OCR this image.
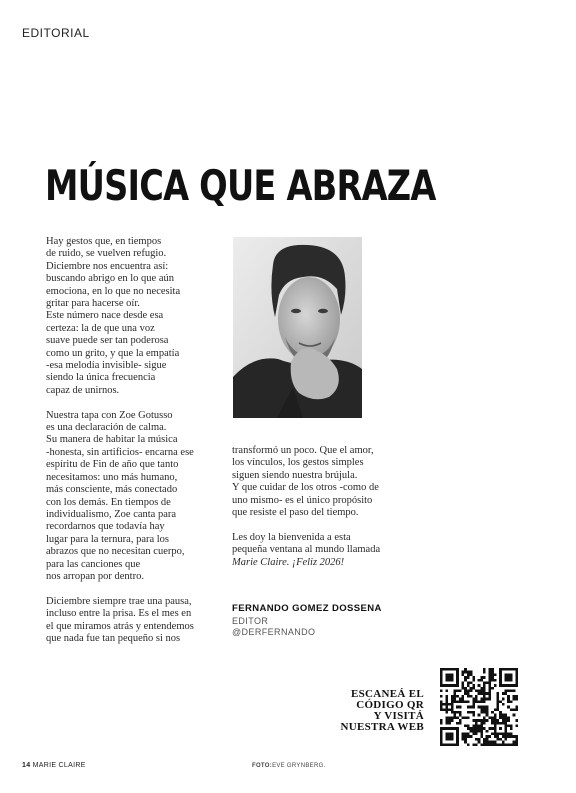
EDITORIAL
MÚSICA QUE ABRAZA

Hay gestos que, en tiempos
de ruido, se vuelven refugio.
Diciembre nos encuentra así:
buscando abrigo en lo que aún
emociona, en lo que no necesita
gritar para hacerse oír.
Este número nace desde esa
certeza: la de que una voz
suave puede ser tan poderosa
como un grito, y que la empatía
-esa melodía invisible- sigue
siendo la única frecuencia
capaz de unirnos.

Nuestra tapa con Zoe Gotusso
es una declaración de calma.
Su manera de habitar la música
-honesta, sin artificios- encarna ese
espíritu de Fin de año que tanto
necesitamos: uno más humano,
más consciente, más conectado
con los demás. En tiempos de
individualismo, Zoe canta para
recordarnos que todavía hay
lugar para la ternura, para los
abrazos que no necesitan cuerpo,
para las canciones que
nos arropan por dentro.

Diciembre siempre trae una pausa,
incluso entre la prisa. Es el mes en
el que miramos atrás y entendemos
que nada fue tan pequeño si nos

transformó un poco. Que el amor,
los vínculos, los gestos simples
siguen siendo nuestra brújula.
Y que cuidar de los otros -como de
uno mismo- es el único propósito
que resiste el paso del tiempo.

Les doy la bienvenida a esta
pequeña ventana al mundo llamada
Marie Claire. ¡Feliz 2026!

FERNANDO GOMEZ DOSSENA
EDITOR
@DERFERNANDO
ESCANEÁ EL
CÓDIGO QR
Y VISITÁ
NUESTRA WEB
14 MARIE CLAIRE	FOTO:EVE GRYNBERG.
